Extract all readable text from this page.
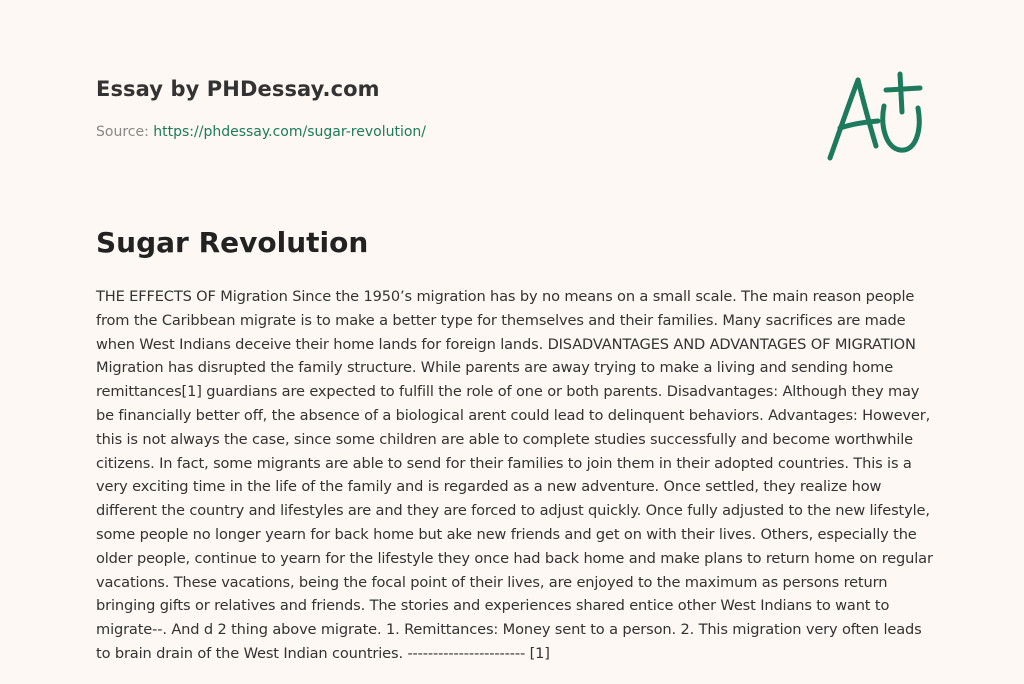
Essay by PHDessay.com
Source: https://phdessay.com/sugar-revolution/
Sugar Revolution

THE EFFECTS OF Migration Since the 1950’s migration has by no means on a small scale. The main reason people from the Caribbean migrate is to make a better type for themselves and their families. Many sacrifices are made when West Indians deceive their home lands for foreign lands. DISADVANTAGES AND ADVANTAGES OF MIGRATION Migration has disrupted the family structure. While parents are away trying to make a living and sending home remittances[1] guardians are expected to fulfill the role of one or both parents. Disadvantages: Although they may be financially better off, the absence of a biological arent could lead to delinquent behaviors. Advantages: However, this is not always the case, since some children are able to complete studies successfully and become worthwhile citizens. In fact, some migrants are able to send for their families to join them in their adopted countries. This is a very exciting time in the life of the family and is regarded as a new adventure. Once settled, they realize how different the country and lifestyles are and they are forced to adjust quickly. Once fully adjusted to the new lifestyle, some people no longer yearn for back home but ake new friends and get on with their lives. Others, especially the older people, continue to yearn for the lifestyle they once had back home and make plans to return home on regular vacations. These vacations, being the focal point of their lives, are enjoyed to the maximum as persons return bringing gifts or relatives and friends. The stories and experiences shared entice other West Indians to want to migrate--. And d 2 thing above migrate. 1. Remittances: Money sent to a person. 2. This migration very often leads to brain drain of the West Indian countries. ----------------------- [1]
